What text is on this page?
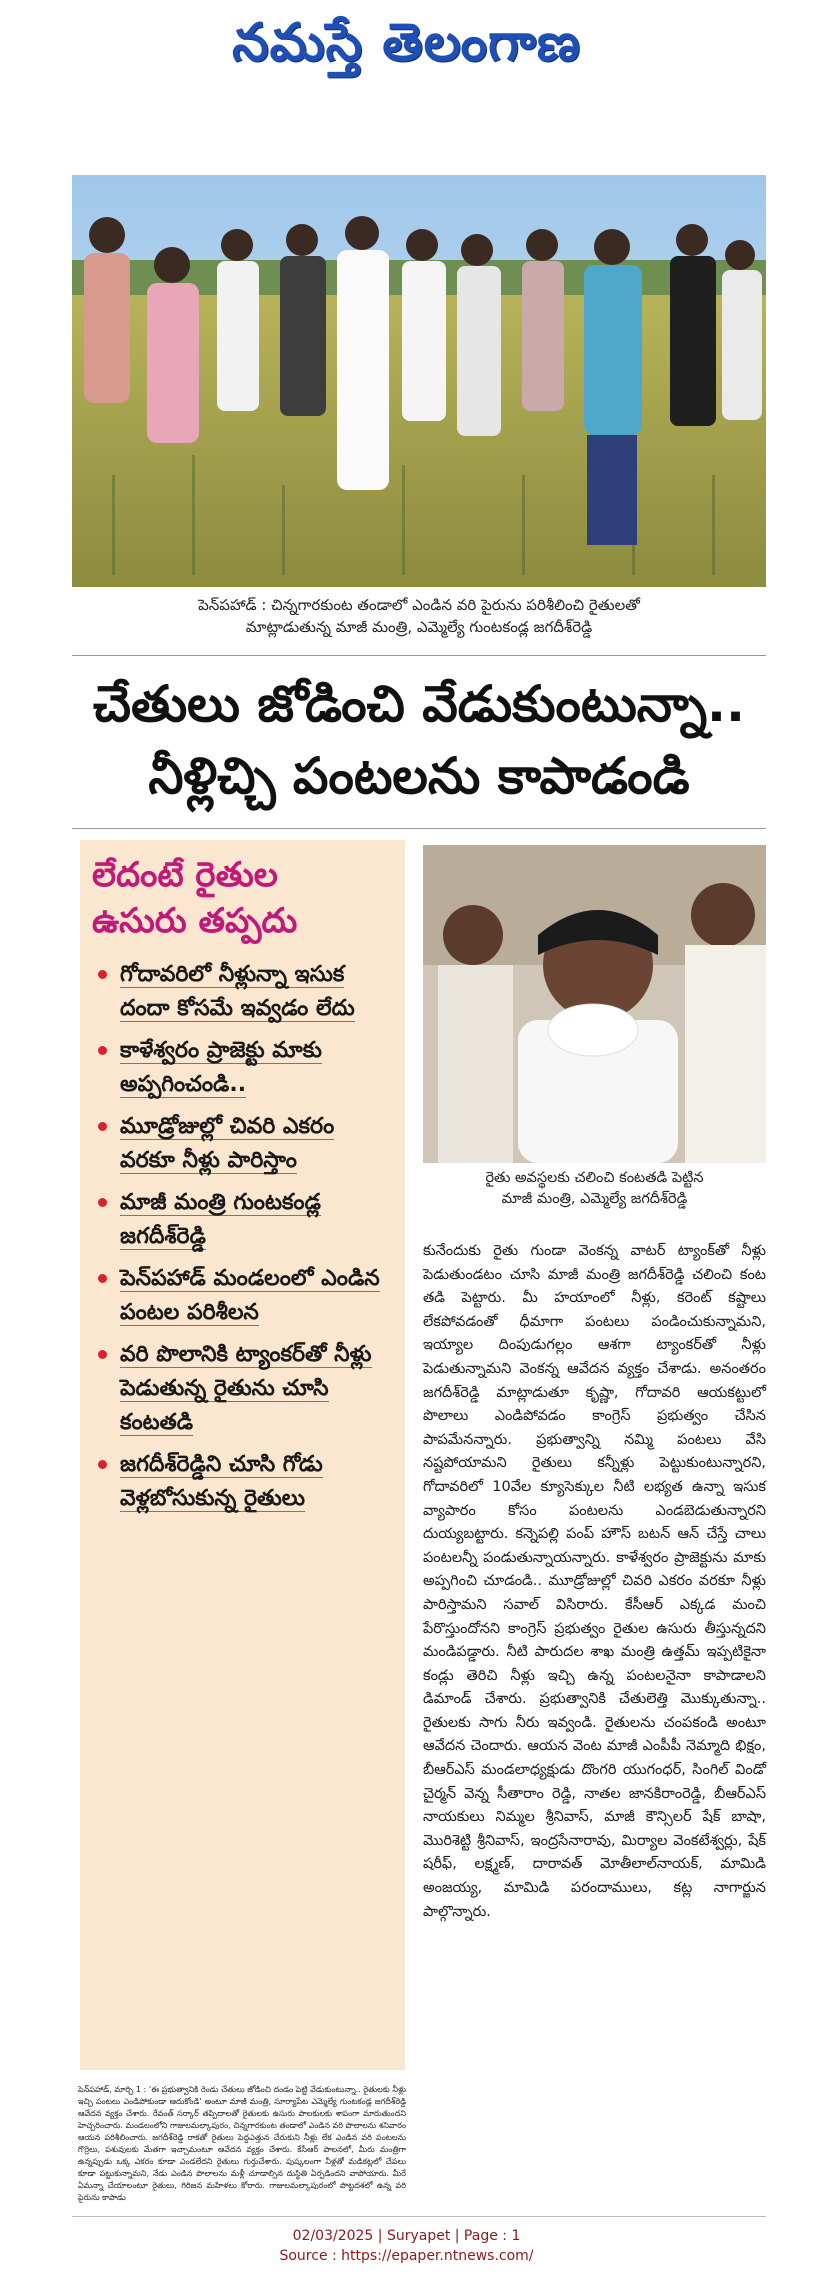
నమస్తే తెలంగాణ
పెన్‌పహాడ్ : చిన్నగారకుంట తండాలో ఎండిన వరి పైరును పరిశీలించి రైతులతో
మాట్లాడుతున్న మాజీ మంత్రి, ఎమ్మెల్యే గుంటకండ్ల జగదీశ్‌రెడ్డి
చేతులు జోడించి వేడుకుంటున్నా..
నీళ్లిచ్చి పంటలను కాపాడండి
లేదంటే రైతుల
ఉసురు తప్పదు
గోదావరిలో నీళ్లున్నా ఇసుక దందా కోసమే ఇవ్వడం లేదు
కాళేశ్వరం ప్రాజెక్టు మాకు అప్పగించండి..
మూడ్రోజుల్లో చివరి ఎకరం వరకూ నీళ్లు పారిస్తాం
మాజీ మంత్రి గుంటకండ్ల జగదీశ్‌రెడ్డి
పెన్‌పహాడ్ మండలంలో ఎండిన పంటల పరిశీలన
వరి పొలానికి ట్యాంకర్‌తో నీళ్లు పెడుతున్న రైతును చూసి కంటతడి
జగదీశ్‌రెడ్డిని చూసి గోడు వెళ్లబోసుకున్న రైతులు
రైతు అవస్థలకు చలించి కంటతడి పెట్టిన
మాజీ మంత్రి, ఎమ్మెల్యే జగదీశ్‌రెడ్డి
కునేందుకు రైతు గుండా వెంకన్న వాటర్ ట్యాంక్‌తో నీళ్లు పెడుతుండటం చూసి మాజీ మంత్రి జగదీశ్‌రెడ్డి చలించి కంట తడి పెట్టారు. మీ హయాంలో నీళ్లు, కరెంట్ కష్టాలు లేకపోవడంతో ధీమాగా పంటలు పండించుకున్నామని, ఇయ్యాల దింపుడుగల్లం ఆశగా ట్యాంకర్‌తో నీళ్లు పెడుతున్నామని వెంకన్న ఆవేదన వ్యక్తం చేశాడు. అనంతరం జగదీశ్‌రెడ్డి మాట్లాడుతూ కృష్ణా, గోదావరి ఆయకట్టులో పొలాలు ఎండిపోవడం కాంగ్రెస్ ప్రభుత్వం చేసిన పాపమేనన్నారు. ప్రభుత్వాన్ని నమ్మి పంటలు వేసి నష్టపోయామని రైతులు కన్నీళ్లు పెట్టుకుంటున్నారని, గోదావరిలో 10వేల క్యూసెక్కుల నీటి లభ్యత ఉన్నా ఇసుక వ్యాపారం కోసం పంటలను ఎండబెడుతున్నారని దుయ్యబట్టారు. కన్నెపల్లి పంప్ హౌస్ బటన్ ఆన్ చేస్తే చాలు పంటలన్నీ పండుతున్నాయన్నారు. కాళేశ్వరం ప్రాజెక్టును మాకు అప్పగించి చూడండి.. మూడ్రోజుల్లో చివరి ఎకరం వరకూ నీళ్లు పారిస్తామని సవాల్ విసిరారు. కేసీఆర్ ఎక్కడ మంచి పేరొస్తుందోనని కాంగ్రెస్ ప్రభుత్వం రైతుల ఉసురు తీస్తున్నదని మండిపడ్డారు. నీటి పారుదల శాఖ మంత్రి ఉత్తమ్ ఇప్పటికైనా కండ్లు తెరిచి నీళ్లు ఇచ్చి ఉన్న పంటలనైనా కాపాడాలని డిమాండ్ చేశారు. ప్రభుత్వానికి చేతులెత్తి మొక్కుతున్నా.. రైతులకు సాగు నీరు ఇవ్వండి. రైతులను చంపకండి అంటూ ఆవేదన చెందారు. ఆయన వెంట మాజీ ఎంపీపీ నెమ్మాది భిక్షం, బీఆర్ఎస్ మండలాధ్యక్షుడు దొంగరి యుగంధర్, సింగిల్ విండో చైర్మన్ వెన్న సీతారాం రెడ్డి, నాతల జానకిరాంరెడ్డి, బీఆర్ఎస్ నాయకులు నిమ్మల శ్రీనివాస్, మాజీ కౌన్సిలర్ షేక్ బాషా, మొరిశెట్టి శ్రీనివాస్, ఇంద్రసేనారావు, మిర్యాల వెంకటేశ్వర్లు, షేక్ షరీఫ్, లక్ష్మణ్, దారావత్ మోతీలాల్‌నాయక్, మామిడి అంజయ్య, మామిడి పరందాములు, కట్ల నాగార్జున పాల్గొన్నారు.
పెన్‌పహాడ్, మార్చి 1 : 'ఈ ప్రభుత్వానికి రెండు చేతులు జోడించి దండం పెట్టి వేడుకుంటున్నా.. రైతులకు నీళ్లు ఇచ్చి పంటలు ఎండిపోకుండా ఆదుకోండి' అంటూ మాజీ మంత్రి, సూర్యాపేట ఎమ్మెల్యే గుంటకండ్ల జగదీశ్‌రెడ్డి ఆవేదన వ్యక్తం చేశారు. రేవంత్ సర్కార్ తప్పిదాలతో రైతులకు ఉసురు పాలకులకు శాపంగా మారుతుందని హెచ్చరించారు. మండలంలోని గాజులమల్కాపురం, చిన్నగారకుంట తండాలో ఎండిన వరి పొలాలను శనివారం ఆయన పరిశీలించారు. జగదీశ్‌రెడ్డి రాకతో రైతులు పెద్దఎత్తున చేరుకుని నీళ్లు లేక ఎండిన వరి పంటలను గొర్రెలు, పశువులకు మేతగా ఇచ్చామంటూ ఆవేదన వ్యక్తం చేశారు. కేసీఆర్ పాలనలో, మీరు మంత్రిగా ఉన్నప్పుడు ఒక్క ఎకరం కూడా ఎండలేదని రైతులు గుర్తుచేశారు. పుష్కలంగా నీళ్లతో మడికట్లలో చేపలు కూడా పట్టుకున్నామని, నేడు ఎండిన పొలాలను మళ్లీ చూడాల్సిన దుస్థితి ఏర్పడిందని వాపోయారు. మీరే ఏమన్నా చేయాలంటూ రైతులు, గిరిజన మహిళలు కోరారు. గాజులమల్కాపురంలో పొట్టదశలో ఉన్న వరి పైరును కాపాడు
02/03/2025 | Suryapet | Page : 1
Source : https://epaper.ntnews.com/
